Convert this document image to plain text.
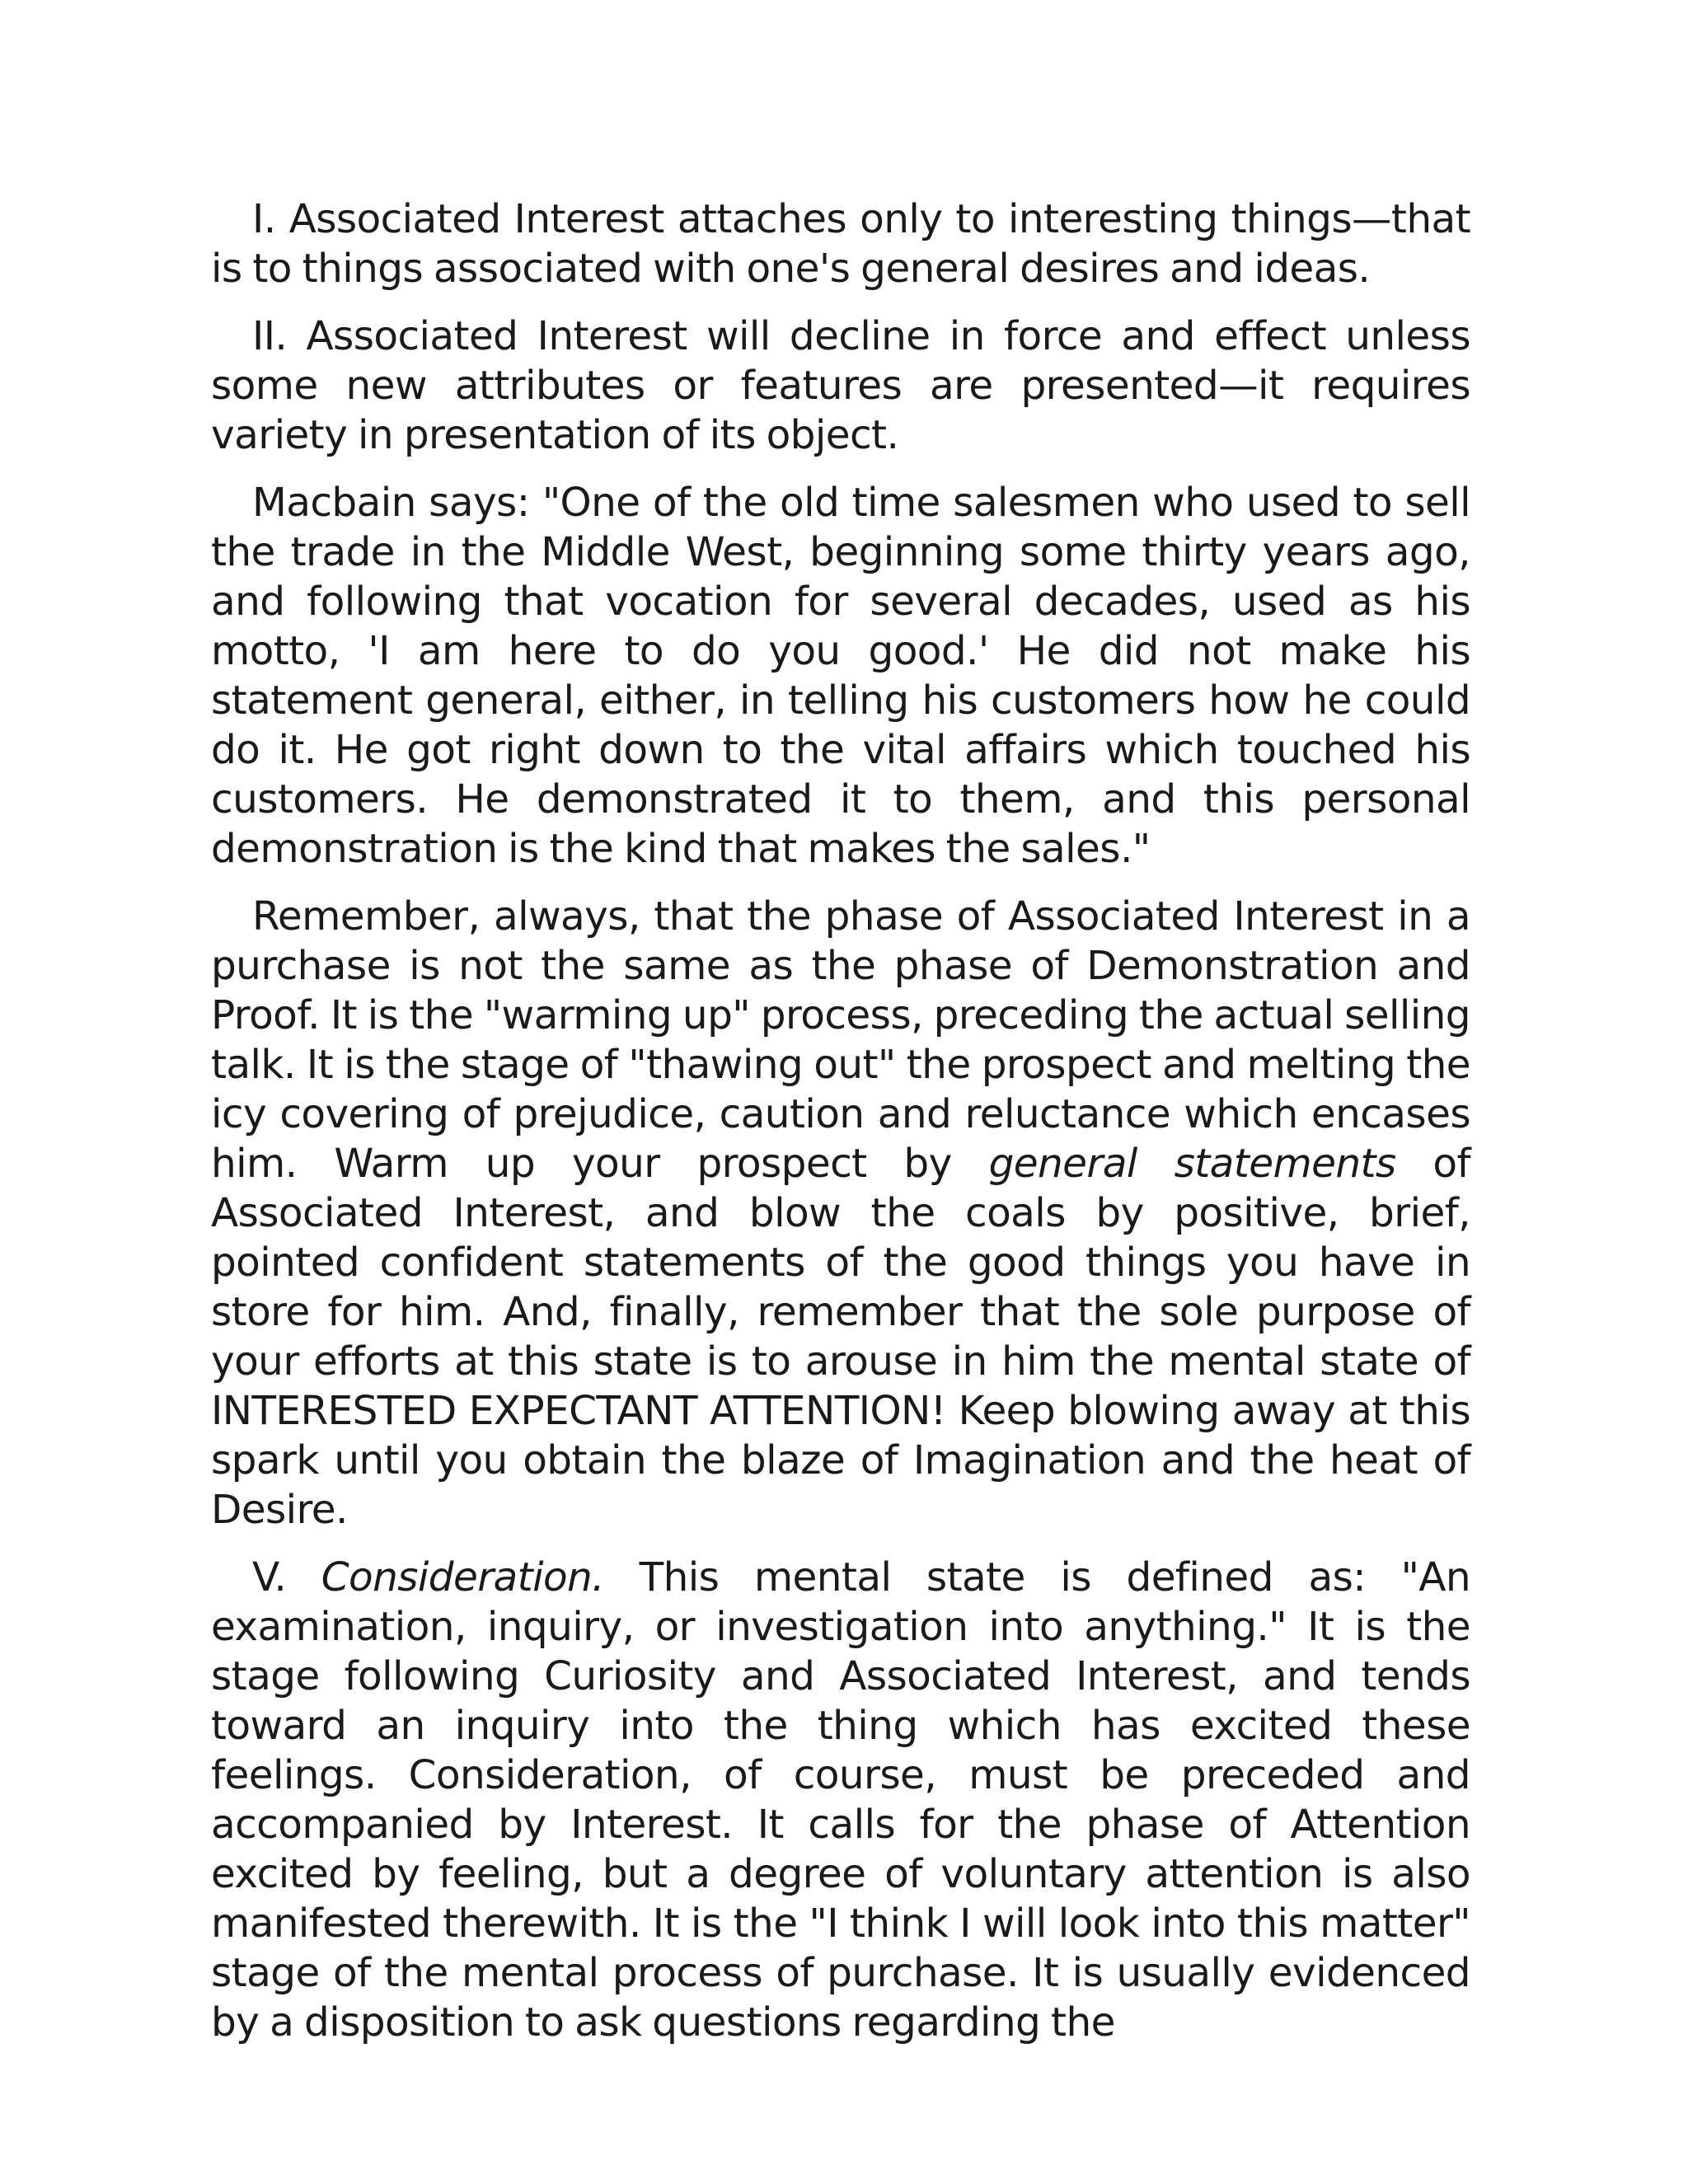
I. Associated Interest attaches only to interesting things—that is to things associated with one's general desires and ideas.

II. Associated Interest will decline in force and effect unless some new attributes or features are presented—it requires variety in presentation of its object.

Macbain says: "One of the old time salesmen who used to sell the trade in the Middle West, beginning some thirty years ago, and following that vocation for several decades, used as his motto, 'I am here to do you good.' He did not make his statement general, either, in telling his customers how he could do it. He got right down to the vital affairs which touched his customers. He demonstrated it to them, and this personal demonstration is the kind that makes the sales."

Remember, always, that the phase of Associated Interest in a purchase is not the same as the phase of Demonstration and Proof. It is the "warming up" process, preceding the actual selling talk. It is the stage of "thawing out" the prospect and melting the icy covering of prejudice, caution and reluctance which encases him. Warm up your prospect by general statements of Associated Interest, and blow the coals by positive, brief, pointed confident statements of the good things you have in store for him. And, finally, remember that the sole purpose of your efforts at this state is to arouse in him the mental state of INTERESTED EXPECTANT ATTENTION! Keep blowing away at this spark until you obtain the blaze of Imagination and the heat of Desire.

V. Consideration. This mental state is defined as: "An examination, inquiry, or investigation into anything." It is the stage following Curiosity and Associated Interest, and tends toward an inquiry into the thing which has excited these feelings. Consideration, of course, must be preceded and accompanied by Interest. It calls for the phase of Attention excited by feeling, but a degree of voluntary attention is also manifested therewith. It is the "I think I will look into this matter" stage of the mental process of purchase. It is usually evidenced by a disposition to ask questions regarding the
